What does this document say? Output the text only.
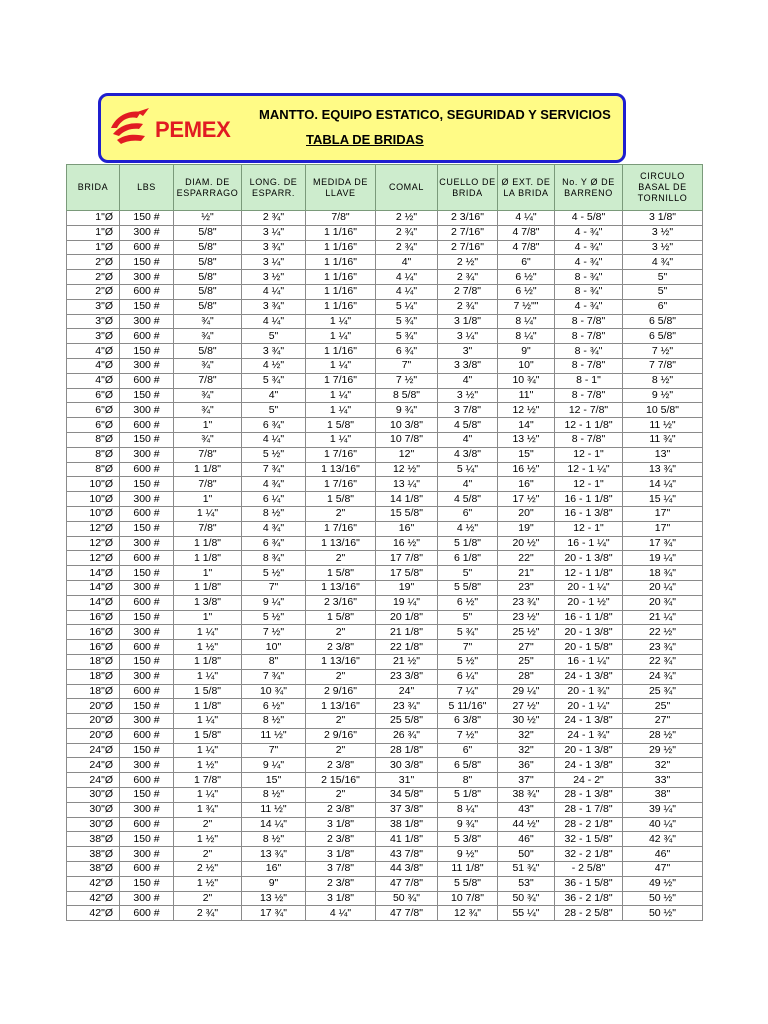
PEMEX
MANTTO. EQUIPO ESTATICO, SEGURIDAD Y SERVICIOS
TABLA DE BRIDAS
BRIDA	LBS	DIAM. DE ESPARRAGO	LONG. DE ESPARR.	MEDIDA DE LLAVE	COMAL	CUELLO DE BRIDA	Ø EXT. DE LA BRIDA	No. Y Ø DE BARRENO	CIRCULO BASAL DE TORNILLO
1"Ø	150 #	½"	2 ¾"	7/8"	2 ½"	2 3/16"	4 ¼"	4 - 5/8"	3 1/8"
1"Ø	300 #	5/8"	3 ¼"	1 1/16"	2 ¾"	2 7/16"	4 7/8"	4 - ¾"	3 ½"
1"Ø	600 #	5/8"	3 ¾"	1 1/16"	2 ¾"	2 7/16"	4 7/8"	4 - ¾"	3 ½"
2"Ø	150 #	5/8"	3 ¼"	1 1/16"	4"	2 ½"	6"	4 - ¾"	4 ¾"
2"Ø	300 #	5/8"	3 ½"	1 1/16"	4 ¼"	2 ¾"	6 ½"	8 - ¾"	5"
2"Ø	600 #	5/8"	4 ¼"	1 1/16"	4 ¼"	2 7/8"	6 ½"	8 - ¾"	5"
3"Ø	150 #	5/8"	3 ¾"	1 1/16"	5 ¼"	2 ¾"	7 ½""	4 - ¾"	6"
3"Ø	300 #	¾"	4 ¼"	1 ¼"	5 ¾"	3 1/8"	8 ¼"	8 - 7/8"	6 5/8"
3"Ø	600 #	¾"	5"	1 ¼"	5 ¾"	3 ¼"	8 ¼"	8 - 7/8"	6 5/8"
4"Ø	150 #	5/8"	3 ¾"	1 1/16"	6 ¾"	3"	9"	8 - ¾"	7 ½"
4"Ø	300 #	¾"	4 ½"	1 ¼"	7"	3 3/8"	10"	8 - 7/8"	7 7/8"
4"Ø	600 #	7/8"	5 ¾"	1 7/16"	7 ½"	4"	10 ¾"	8 - 1"	8 ½"
6"Ø	150 #	¾"	4"	1 ¼"	8 5/8"	3 ½"	11"	8 - 7/8"	9 ½"
6"Ø	300 #	¾"	5"	1 ¼"	9 ¾"	3 7/8"	12 ½"	12 - 7/8"	10 5/8"
6"Ø	600 #	1"	6 ¾"	1 5/8"	10 3/8"	4 5/8"	14"	12 - 1 1/8"	11 ½"
8"Ø	150 #	¾"	4 ¼"	1 ¼"	10 7/8"	4"	13 ½"	8 - 7/8"	11 ¾"
8"Ø	300 #	7/8"	5 ½"	1 7/16"	12"	4 3/8"	15"	12 - 1"	13"
8"Ø	600 #	1 1/8"	7 ¾"	1 13/16"	12 ½"	5 ¼"	16 ½"	12 - 1 ¼"	13 ¾"
10"Ø	150 #	7/8"	4 ¾"	1 7/16"	13 ¼"	4"	16"	12 - 1"	14 ¼"
10"Ø	300 #	1"	6 ¼"	1 5/8"	14 1/8"	4 5/8"	17 ½"	16 - 1 1/8"	15 ¼"
10"Ø	600 #	1 ¼"	8 ½"	2"	15 5/8"	6"	20"	16 - 1 3/8"	17"
12"Ø	150 #	7/8"	4 ¾"	1 7/16"	16"	4 ½"	19"	12 - 1"	17"
12"Ø	300 #	1 1/8"	6 ¾"	1 13/16"	16 ½"	5 1/8"	20 ½"	16 - 1 ¼"	17 ¾"
12"Ø	600 #	1 1/8"	8 ¾"	2"	17 7/8"	6 1/8"	22"	20 - 1 3/8"	19 ¼"
14"Ø	150 #	1"	5 ½"	1 5/8"	17 5/8"	5"	21"	12 - 1 1/8"	18 ¾"
14"Ø	300 #	1 1/8"	7"	1 13/16"	19"	5 5/8"	23"	20 - 1 ¼"	20 ¼"
14"Ø	600 #	1 3/8"	9 ¼"	2 3/16"	19 ¼"	6 ½"	23 ¾"	20 - 1 ½"	20 ¾"
16"Ø	150 #	1"	5 ½"	1 5/8"	20 1/8"	5"	23 ½"	16 - 1 1/8"	21 ¼"
16"Ø	300 #	1 ¼"	7 ½"	2"	21 1/8"	5 ¾"	25 ½"	20 - 1 3/8"	22 ½"
16"Ø	600 #	1 ½"	10"	2 3/8"	22 1/8"	7"	27"	20 - 1 5/8"	23 ¾"
18"Ø	150 #	1 1/8"	8"	1 13/16"	21 ½"	5 ½"	25"	16 - 1 ¼"	22 ¾"
18"Ø	300 #	1 ¼"	7 ¾"	2"	23 3/8"	6 ¼"	28"	24 - 1 3/8"	24 ¾"
18"Ø	600 #	1 5/8"	10 ¾"	2 9/16"	24"	7 ¼"	29 ¼"	20 - 1 ¾"	25 ¾"
20"Ø	150 #	1 1/8"	6 ½"	1 13/16"	23 ¾"	5 11/16"	27 ½"	20 - 1 ¼"	25"
20"Ø	300 #	1 ¼"	8 ½"	2"	25 5/8"	6 3/8"	30 ½"	24 - 1 3/8"	27"
20"Ø	600 #	1 5/8"	11 ½"	2 9/16"	26 ¾"	7 ½"	32"	24 - 1 ¾"	28 ½"
24"Ø	150 #	1 ¼"	7"	2"	28 1/8"	6"	32"	20 - 1 3/8"	29 ½"
24"Ø	300 #	1 ½"	9 ¼"	2 3/8"	30 3/8"	6 5/8"	36"	24 - 1 3/8"	32"
24"Ø	600 #	1 7/8"	15"	2 15/16"	31"	8"	37"	24 - 2"	33"
30"Ø	150 #	1 ¼"	8 ½"	2"	34 5/8"	5 1/8"	38 ¾"	28 - 1 3/8"	38"
30"Ø	300 #	1 ¾"	11 ½"	2 3/8"	37 3/8"	8 ¼"	43"	28 - 1 7/8"	39 ¼"
30"Ø	600 #	2"	14 ¼"	3 1/8"	38 1/8"	9 ¾"	44 ½"	28 - 2 1/8"	40 ¼"
38"Ø	150 #	1 ½"	8 ½"	2 3/8"	41 1/8"	5 3/8"	46"	32 - 1 5/8"	42 ¾"
38"Ø	300 #	2"	13 ¾"	3 1/8"	43 7/8"	9 ½"	50"	32 - 2 1/8"	46"
38"Ø	600 #	2 ½"	16"	3 7/8"	44 3/8"	11 1/8"	51 ¾"	- 2 5/8"	47"
42"Ø	150 #	1 ½"	9"	2 3/8"	47 7/8"	5 5/8"	53"	36 - 1 5/8"	49 ½"
42"Ø	300 #	2"	13 ½"	3 1/8"	50 ¾"	10 7/8"	50 ¾"	36 - 2 1/8"	50 ½"
42"Ø	600 #	2 ¾"	17 ¾"	4 ¼"	47 7/8"	12 ¾"	55 ¼"	28 - 2 5/8"	50 ½"
